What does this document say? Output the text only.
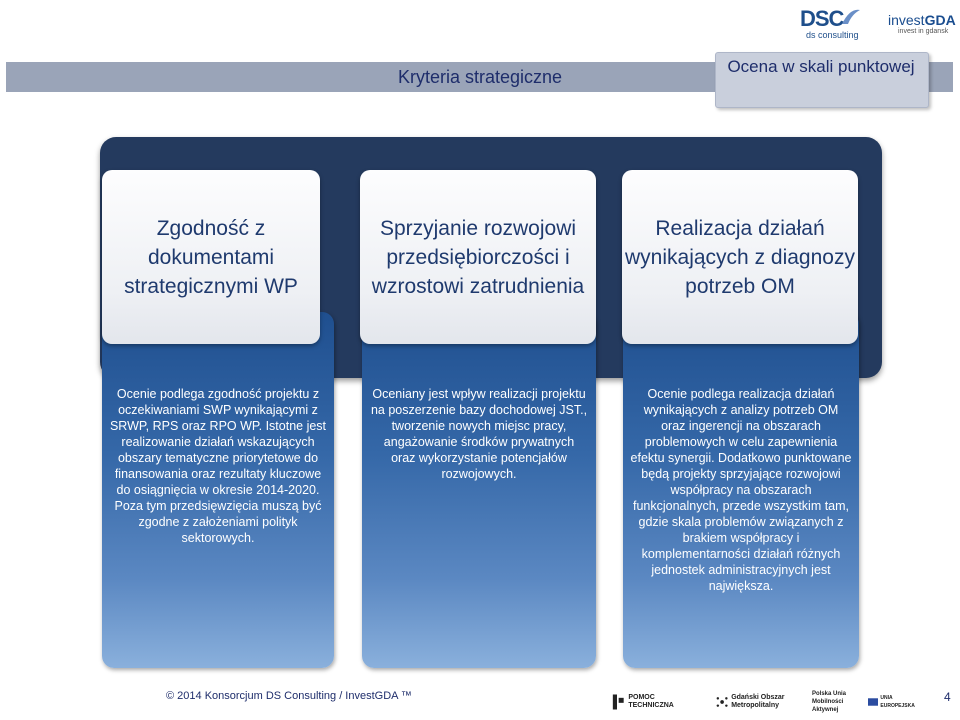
DSC
ds consulting
investGDA
invest in gdansk
Kryteria strategiczne
Ocena w skali punktowej
Zgodność z dokumentami strategicznymi WP
Sprzyjanie rozwojowi przedsiębiorczości i wzrostowi zatrudnienia
Realizacja działań wynikających z diagnozy potrzeb OM
Ocenie podlega zgodność projektu z oczekiwaniami SWP wynikającymi z SRWP, RPS oraz RPO WP. Istotne jest realizowanie działań wskazujących obszary tematyczne priorytetowe do finansowania oraz rezultaty kluczowe do osiągnięcia w okresie 2014-2020. Poza tym przedsięwzięcia muszą być zgodne z założeniami polityk sektorowych.
Oceniany jest wpływ realizacji projektu na poszerzenie bazy dochodowej JST., tworzenie nowych miejsc pracy, angażowanie środków prywatnych oraz wykorzystanie potencjałów rozwojowych.
Ocenie podlega realizacja działań wynikających z analizy potrzeb OM oraz ingerencji na obszarach problemowych w celu zapewnienia efektu synergii. Dodatkowo punktowane będą projekty sprzyjające rozwojowi współpracy na obszarach funkcjonalnych, przede wszystkim tam, gdzie skala problemów związanych z brakiem współpracy i komplementarności działań różnych jednostek administracyjnych jest największa.
© 2014 Konsorcjum DS Consulting / InvestGDA ™	POMOC TECHNICZNA
Gdański Obszar Metropolitalny
Polska Unia Mobilności Aktywnej
UNIA EUROPEJSKA
4
